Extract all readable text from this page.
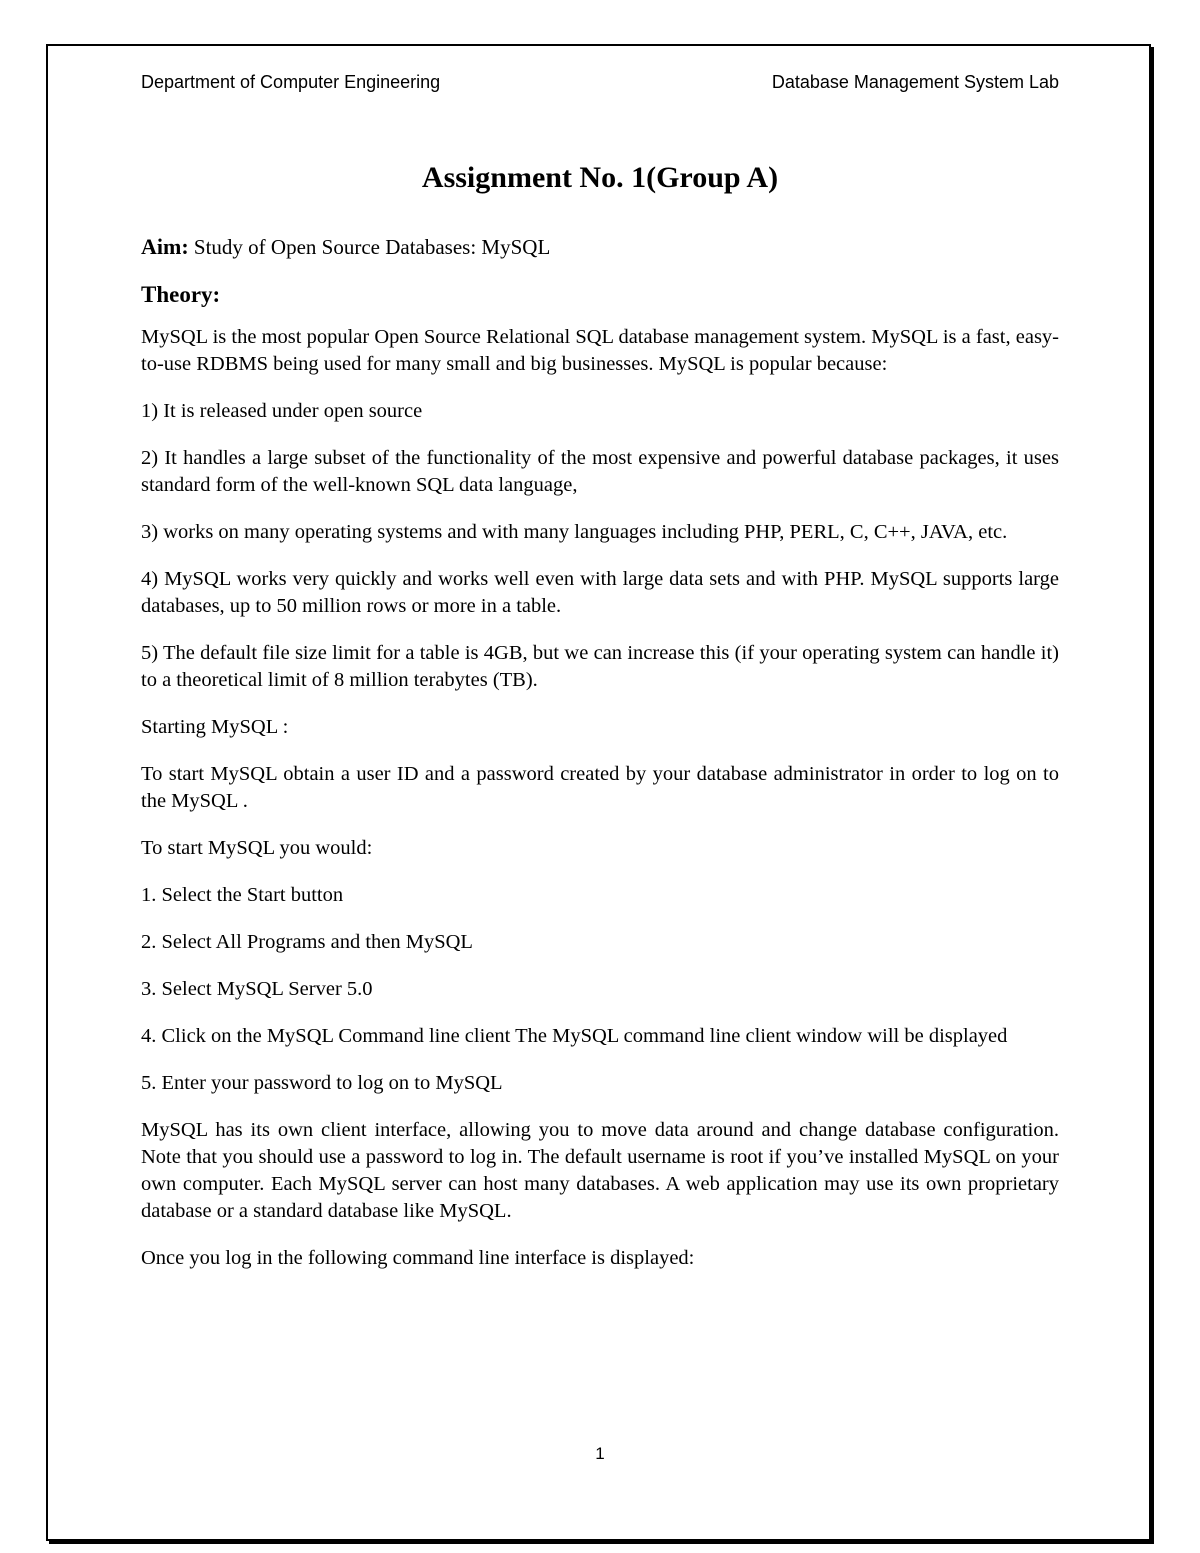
Department of Computer Engineering	Database Management System Lab
Assignment No. 1(Group A)
Aim: Study of Open Source Databases: MySQL
Theory:

MySQL is the most popular Open Source Relational SQL database management system. MySQL is a fast, easy-to-use RDBMS being used for many small and big businesses. MySQL is popular because:

1) It is released under open source

2) It handles a large subset of the functionality of the most expensive and powerful database packages, it uses standard form of the well-known SQL data language,

3) works on many operating systems and with many languages including PHP, PERL, C, C++, JAVA, etc.

4) MySQL works very quickly and works well even with large data sets and with PHP. MySQL supports large databases, up to 50 million rows or more in a table.

5) The default file size limit for a table is 4GB, but we can increase this (if your operating system can handle it) to a theoretical limit of 8 million terabytes (TB).

Starting MySQL :

To start MySQL obtain a user ID and a password created by your database administrator in order to log on to the MySQL .

To start MySQL you would:

1. Select the Start button

2. Select All Programs and then MySQL

3. Select MySQL Server 5.0

4. Click on the MySQL Command line client The MySQL command line client window will be displayed

5. Enter your password to log on to MySQL

MySQL has its own client interface, allowing you to move data around and change database configuration. Note that you should use a password to log in. The default username is root if you’ve installed MySQL on your own computer. Each MySQL server can host many databases. A web application may use its own proprietary database or a standard database like MySQL.

Once you log in the following command line interface is displayed:

1
